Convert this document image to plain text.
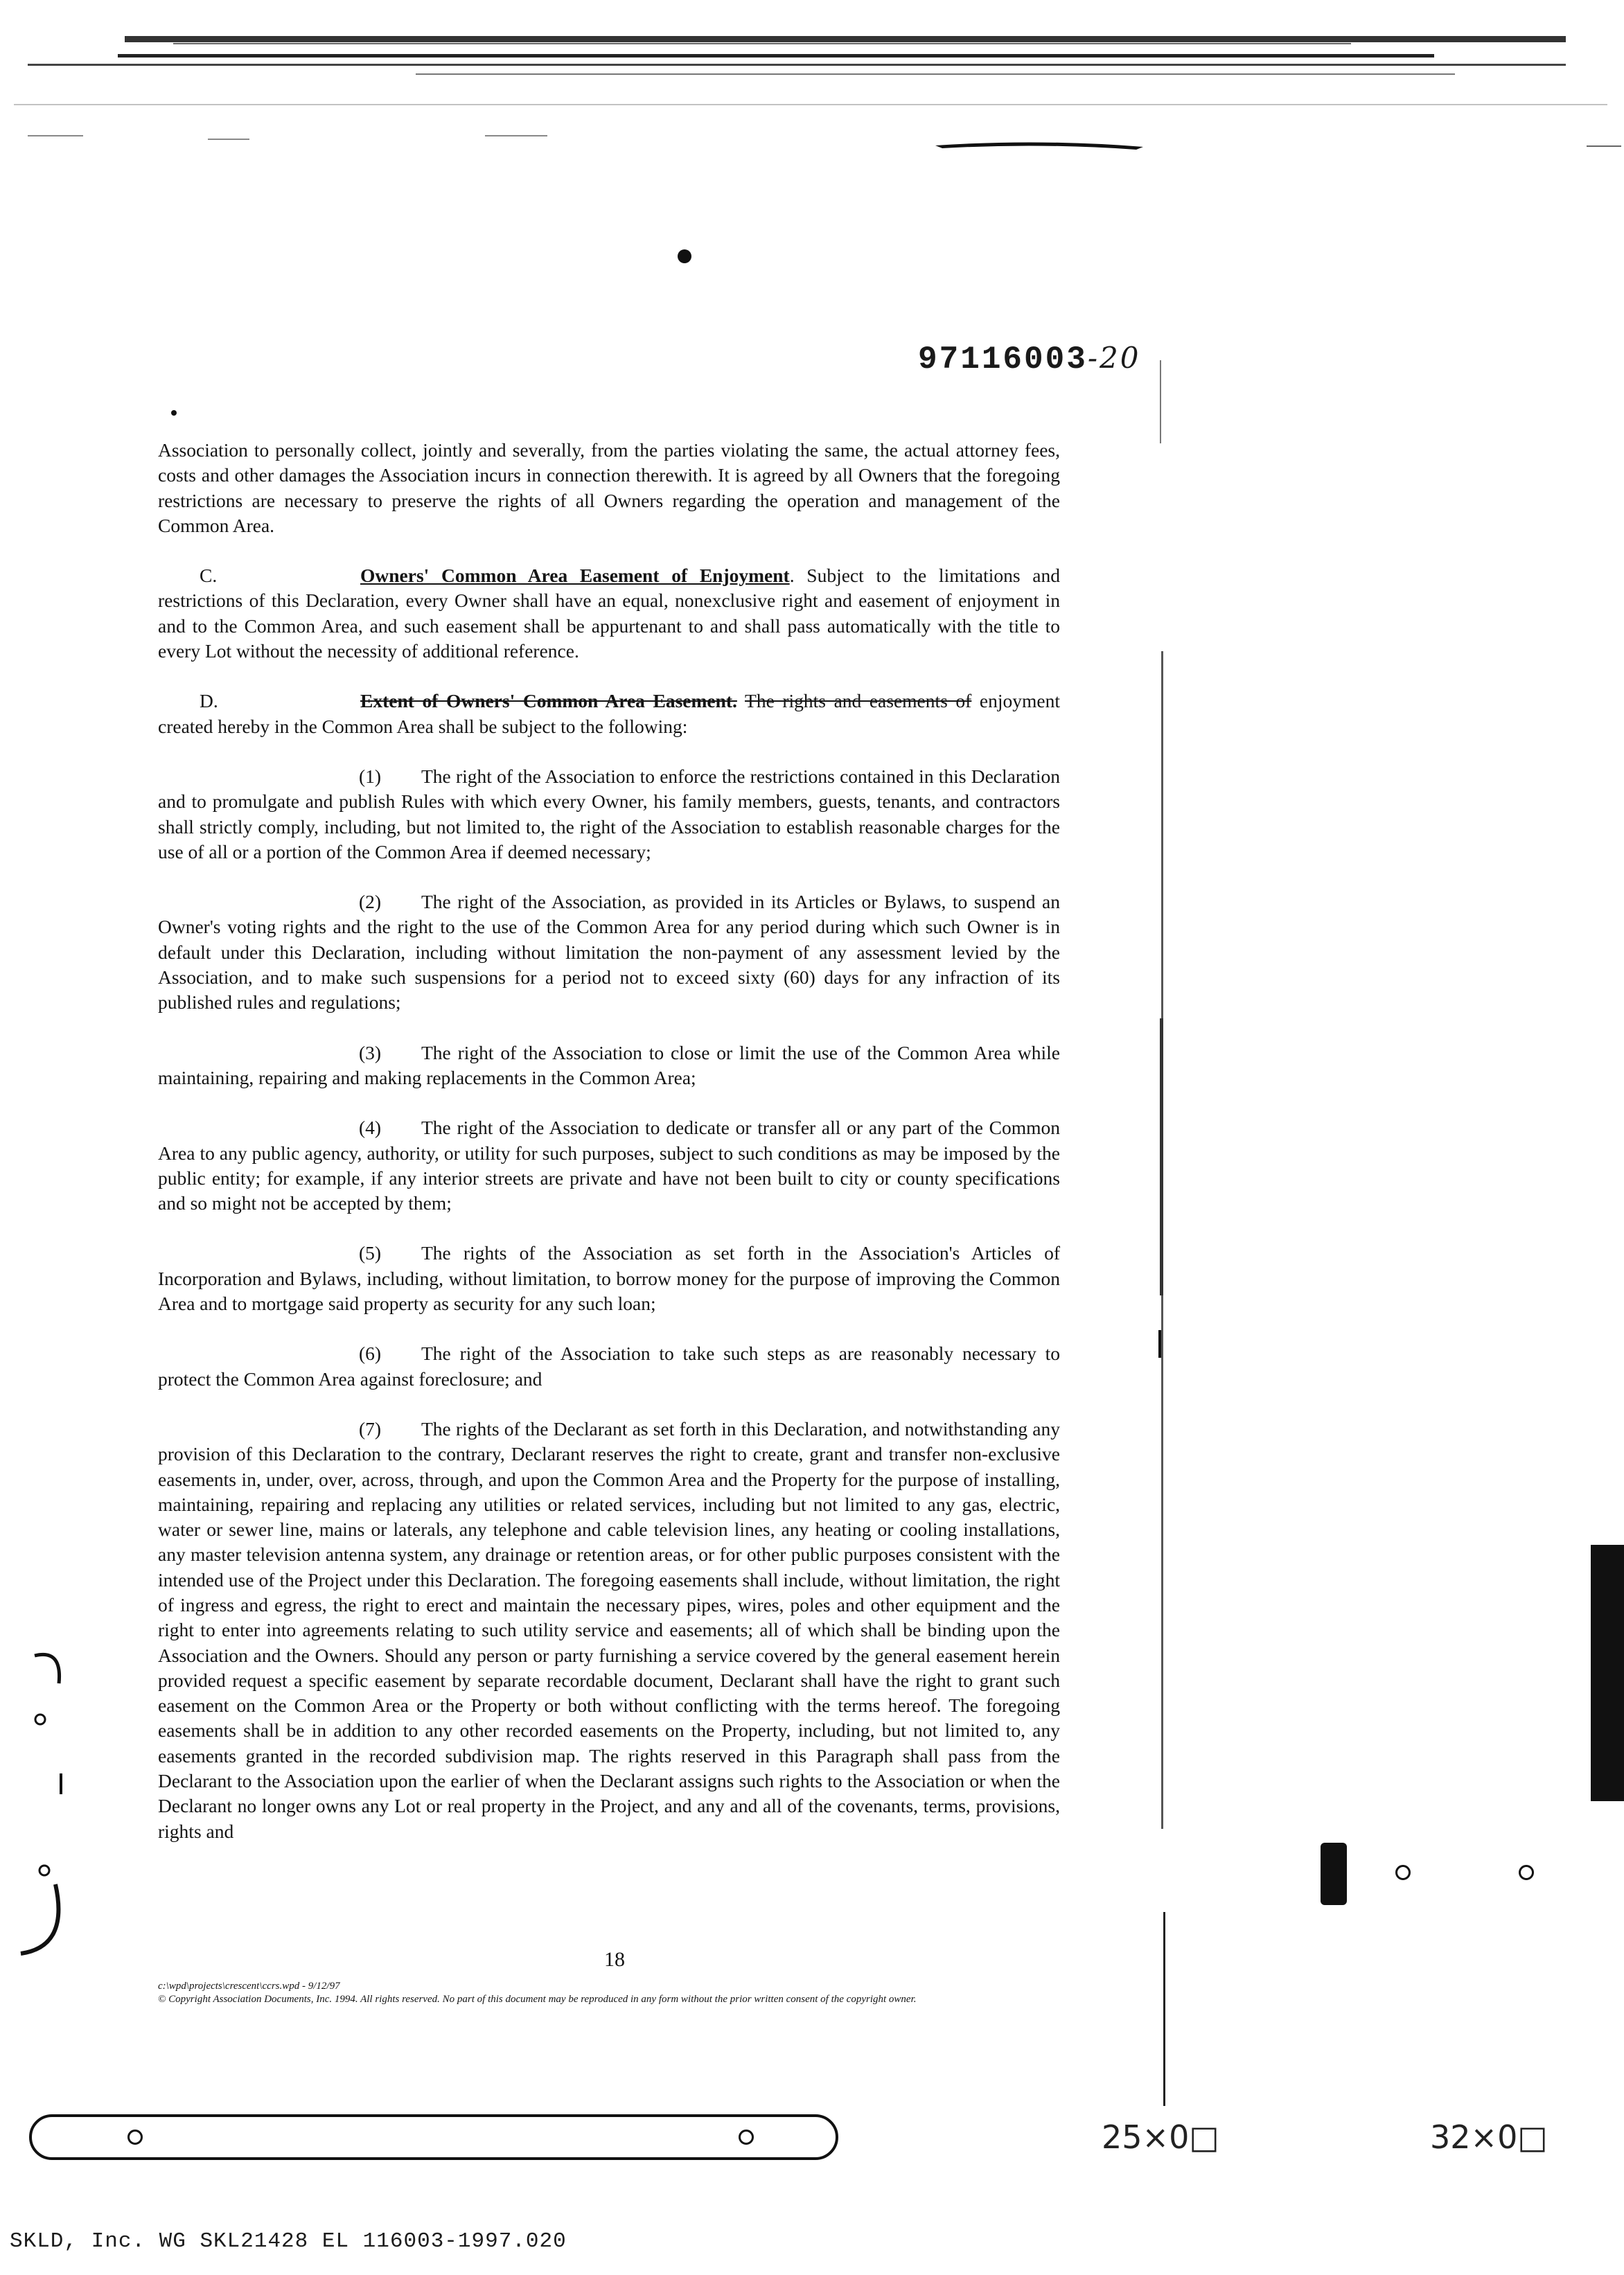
97116003-20

Association to personally collect, jointly and severally, from the parties violating the same, the actual attorney fees, costs and other damages the Association incurs in connection therewith. It is agreed by all Owners that the foregoing restrictions are necessary to preserve the rights of all Owners regarding the operation and management of the Common Area.

C.	Owners' Common Area Easement of Enjoyment. Subject to the limitations and restrictions of this Declaration, every Owner shall have an equal, nonexclusive right and easement of enjoyment in and to the Common Area, and such easement shall be appurtenant to and shall pass automatically with the title to every Lot without the necessity of additional reference.

D.	Extent of Owners' Common Area Easement. The rights and easements of enjoyment created hereby in the Common Area shall be subject to the following:

(1) The right of the Association to enforce the restrictions contained in this Declaration and to promulgate and publish Rules with which every Owner, his family members, guests, tenants, and contractors shall strictly comply, including, but not limited to, the right of the Association to establish reasonable charges for the use of all or a portion of the Common Area if deemed necessary;

(2) The right of the Association, as provided in its Articles or Bylaws, to suspend an Owner's voting rights and the right to the use of the Common Area for any period during which such Owner is in default under this Declaration, including without limitation the non-payment of any assessment levied by the Association, and to make such suspensions for a period not to exceed sixty (60) days for any infraction of its published rules and regulations;

(3) The right of the Association to close or limit the use of the Common Area while maintaining, repairing and making replacements in the Common Area;

(4) The right of the Association to dedicate or transfer all or any part of the Common Area to any public agency, authority, or utility for such purposes, subject to such conditions as may be imposed by the public entity; for example, if any interior streets are private and have not been built to city or county specifications and so might not be accepted by them;

(5) The rights of the Association as set forth in the Association's Articles of Incorporation and Bylaws, including, without limitation, to borrow money for the purpose of improving the Common Area and to mortgage said property as security for any such loan;

(6) The right of the Association to take such steps as are reasonably necessary to protect the Common Area against foreclosure; and

(7) The rights of the Declarant as set forth in this Declaration, and notwithstanding any provision of this Declaration to the contrary, Declarant reserves the right to create, grant and transfer non-exclusive easements in, under, over, across, through, and upon the Common Area and the Property for the purpose of installing, maintaining, repairing and replacing any utilities or related services, including but not limited to any gas, electric, water or sewer line, mains or laterals, any telephone and cable television lines, any heating or cooling installations, any master television antenna system, any drainage or retention areas, or for other public purposes consistent with the intended use of the Project under this Declaration. The foregoing easements shall include, without limitation, the right of ingress and egress, the right to erect and maintain the necessary pipes, wires, poles and other equipment and the right to enter into agreements relating to such utility service and easements; all of which shall be binding upon the Association and the Owners. Should any person or party furnishing a service covered by the general easement herein provided request a specific easement by separate recordable document, Declarant shall have the right to grant such easement on the Common Area or the Property or both without conflicting with the terms hereof. The foregoing easements shall be in addition to any other recorded easements on the Property, including, but not limited to, any easements granted in the recorded subdivision map. The rights reserved in this Paragraph shall pass from the Declarant to the Association upon the earlier of when the Declarant assigns such rights to the Association or when the Declarant no longer owns any Lot or real property in the Project, and any and all of the covenants, terms, provisions, rights and

18
c:\wpd\projects\crescent\ccrs.wpd - 9/12/97
© Copyright Association Documents, Inc. 1994. All rights reserved. No part of this document may be reproduced in any form without the prior written consent of the copyright owner.
25×0□	32×0□
SKLD, Inc. WG SKL21428 EL 116003-1997.020
